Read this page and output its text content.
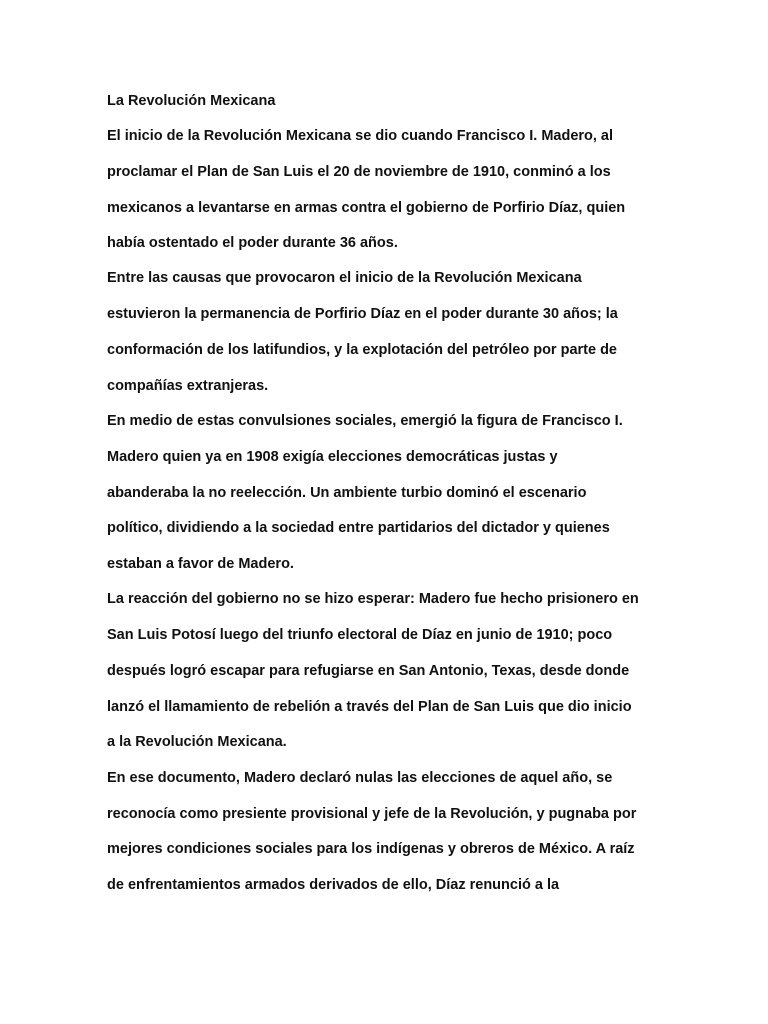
La Revolución Mexicana

El inicio de la Revolución Mexicana se dio cuando Francisco I. Madero, al

proclamar el Plan de San Luis el 20 de noviembre de 1910, conminó a los

mexicanos a levantarse en armas contra el gobierno de Porfirio Díaz, quien

había ostentado el poder durante 36 años.

Entre las causas que provocaron el inicio de la Revolución Mexicana

estuvieron la permanencia de Porfirio Díaz en el poder durante 30 años; la

conformación de los latifundios, y la explotación del petróleo por parte de

compañías extranjeras.

En medio de estas convulsiones sociales, emergió la figura de Francisco I.

Madero quien ya en 1908 exigía elecciones democráticas justas y

abanderaba la no reelección. Un ambiente turbio dominó el escenario

político, dividiendo a la sociedad entre partidarios del dictador y quienes

estaban a favor de Madero.

La reacción del gobierno no se hizo esperar: Madero fue hecho prisionero en

San Luis Potosí luego del triunfo electoral de Díaz en junio de 1910; poco

después logró escapar para refugiarse en San Antonio, Texas, desde donde

lanzó el llamamiento de rebelión a través del Plan de San Luis que dio inicio

a la Revolución Mexicana.

En ese documento, Madero declaró nulas las elecciones de aquel año, se

reconocía como presiente provisional y jefe de la Revolución, y pugnaba por

mejores condiciones sociales para los indígenas y obreros de México. A raíz

de enfrentamientos armados derivados de ello, Díaz renunció a la
